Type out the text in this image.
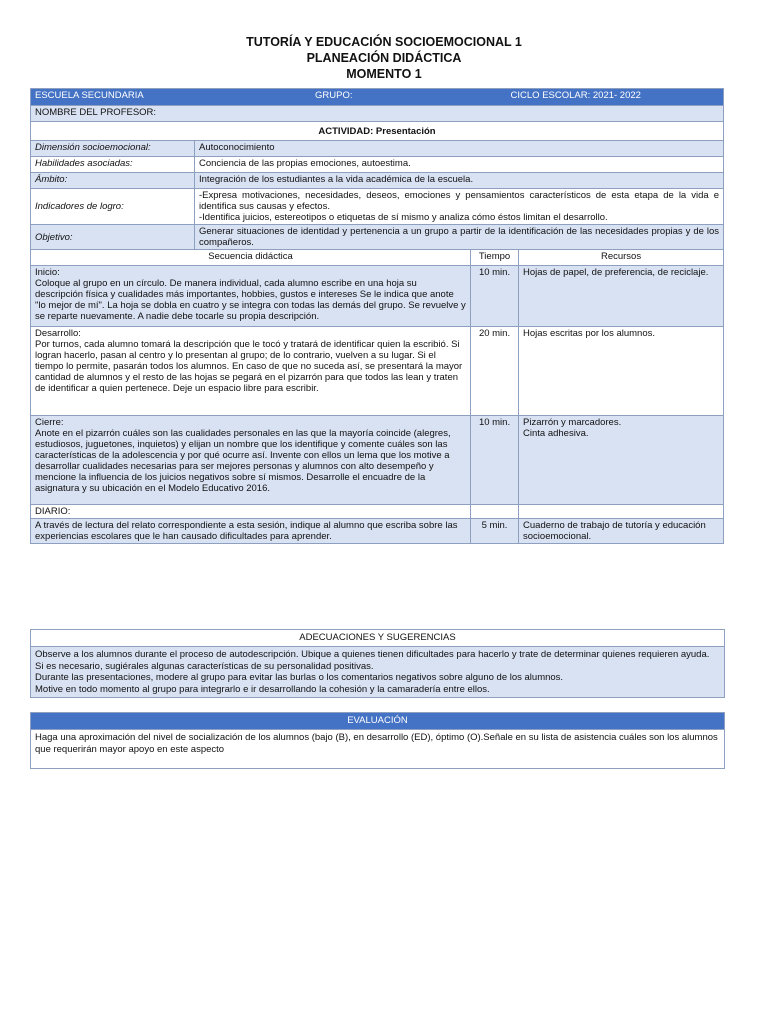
TUTORÍA Y EDUCACIÓN SOCIOEMOCIONAL 1
PLANEACIÓN DIDÁCTICA
MOMENTO 1
ESCUELA SECUNDARIA GRUPO:		CICLO ESCOLAR: 2021- 2022	
NOMBRE DEL PROFESOR:			
ACTIVIDAD: Presentación			
Dimensión socioemocional:	Autoconocimiento		
Habilidades asociadas:	Conciencia de las propias emociones, autoestima.		
Ámbito:	Integración de los estudiantes a la vida académica de la escuela.		
Indicadores de logro:	-Expresa motivaciones, necesidades, deseos, emociones y pensamientos característicos de esta etapa de la vida e identifica sus causas y efectos.
-Identifica juicios, estereotipos o etiquetas de sí mismo y analiza cómo éstos limitan el desarrollo.		
Objetivo:	Generar situaciones de identidad y pertenencia a un grupo a partir de la identificación de las necesidades propias y de los compañeros.		
Secuencia didáctica		Tiempo	Recursos
Inicio:
Coloque al grupo en un círculo. De manera individual, cada alumno escribe en una hoja su descripción física y cualidades más importantes, hobbies, gustos e intereses Se le indica que anote "lo mejor de mí". La hoja se dobla en cuatro y se integra con todas las demás del grupo. Se revuelve y se reparte nuevamente. A nadie debe tocarle su propia descripción.		10 min.	Hojas de papel, de preferencia, de reciclaje.
Desarrollo:
Por turnos, cada alumno tomará la descripción que le tocó y tratará de identificar quien la escribió. Si logran hacerlo, pasan al centro y lo presentan al grupo; de lo contrario, vuelven a su lugar. Si el tiempo lo permite, pasarán todos los alumnos. En caso de que no suceda así, se presentará la mayor cantidad de alumnos y el resto de las hojas se pegará en el pizarrón para que todos las lean y traten de identificar a quien pertenece. Deje un espacio libre para escribir.		20 min.	Hojas escritas por los alumnos.
Cierre:
Anote en el pizarrón cuáles son las cualidades personales en las que la mayoría coincide (alegres, estudiosos, juguetones, inquietos) y elijan un nombre que los identifique y comente cuáles son las características de la adolescencia y por qué ocurre así. Invente con ellos un lema que los motive a desarrollar cualidades necesarias para ser mejores personas y alumnos con alto desempeño y mencione la influencia de los juicios negativos sobre sí mismos. Desarrolle el encuadre de la asignatura y su ubicación en el Modelo Educativo 2016.		10 min.	Pizarrón y marcadores.
Cinta adhesiva.
DIARIO:			
A través de lectura del relato correspondiente a esta sesión, indique al alumno que escriba sobre las experiencias escolares que le han causado dificultades para aprender.		5 min.	Cuaderno de trabajo de tutoría y educación socioemocional.
ADECUACIONES Y SUGERENCIAS
Observe a los alumnos durante el proceso de autodescripción. Ubique a quienes tienen dificultades para hacerlo y trate de determinar quienes requieren ayuda. Si es necesario, sugiérales algunas características de su personalidad positivas.
Durante las presentaciones, modere al grupo para evitar las burlas o los comentarios negativos sobre alguno de los alumnos.
Motive en todo momento al grupo para integrarlo e ir desarrollando la cohesión y la camaradería entre ellos.
EVALUACIÓN
Haga una aproximación del nivel de socialización de los alumnos (bajo (B), en desarrollo (ED), óptimo (O).Señale en su lista de asistencia cuáles son los alumnos que requerirán mayor apoyo en este aspecto
